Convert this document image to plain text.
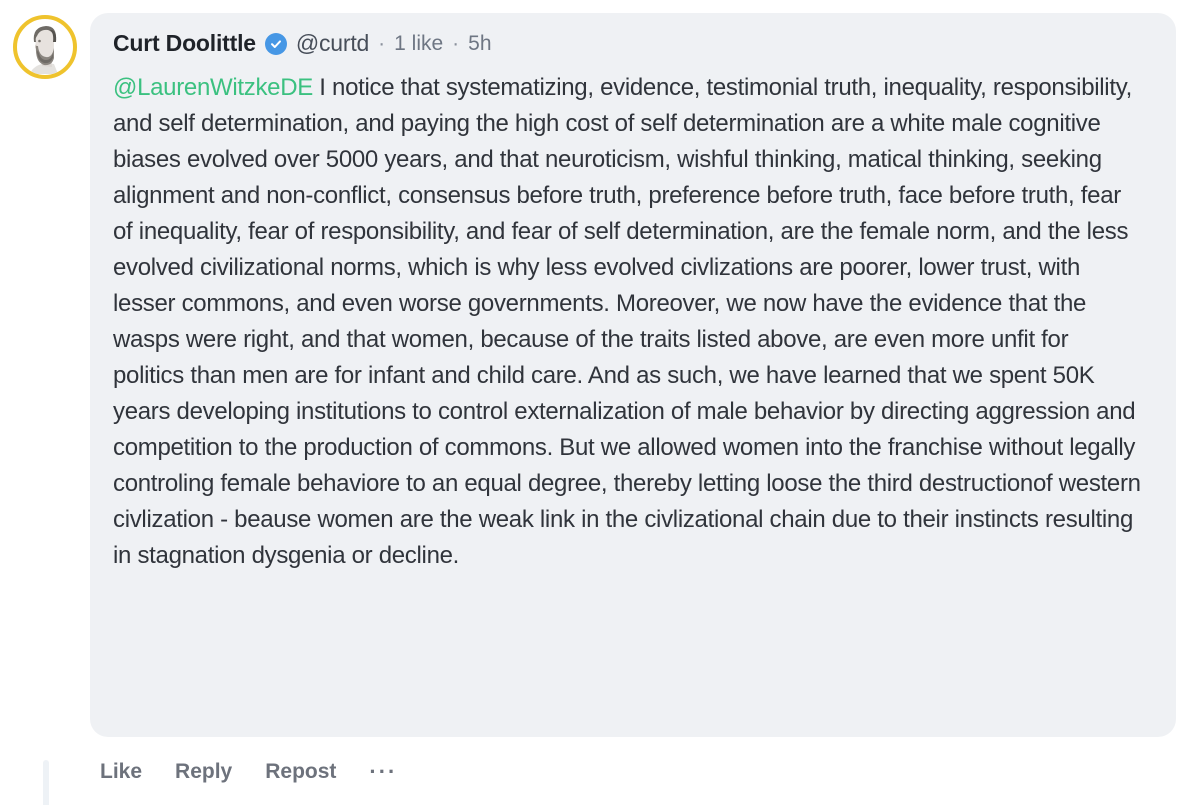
Curt Doolittle @curtd · 1 like · 5h

@LaurenWitzkeDE I notice that systematizing, evidence, testimonial truth, inequality, responsibility, and self determination, and paying the high cost of self determination are a white male cognitive biases evolved over 5000 years, and that neuroticism, wishful thinking, matical thinking, seeking alignment and non-conflict, consensus before truth, preference before truth, face before truth, fear of inequality, fear of responsibility, and fear of self determination, are the female norm, and the less evolved civilizational norms, which is why less evolved civlizations are poorer, lower trust, with lesser commons, and even worse governments. Moreover, we now have the evidence that the wasps were right, and that women, because of the traits listed above, are even more unfit for politics than men are for infant and child care. And as such, we have learned that we spent 50K years developing institutions to control externalization of male behavior by directing aggression and competition to the production of commons. But we allowed women into the franchise without legally controling female behaviore to an equal degree, thereby letting loose the third destructionof western civlization - beause women are the weak link in the civlizational chain due to their instincts resulting in stagnation dysgenia or decline.

Like Reply Repost ···
